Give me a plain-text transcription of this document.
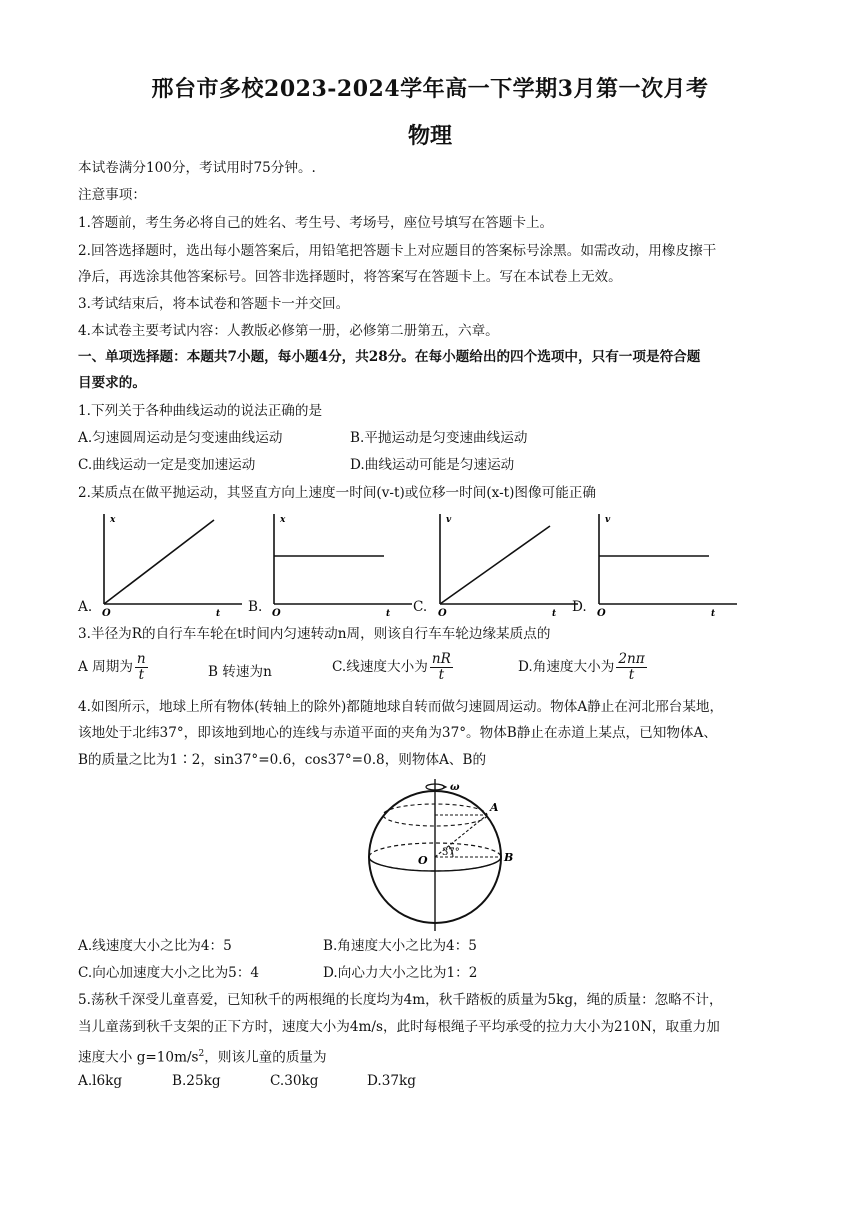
邢台市多校2023-2024学年高一下学期3月第一次月考
物理
本试卷满分100分，考试用时75分钟。.
注意事项：
1.答题前，考生务必将自己的姓名、考生号、考场号，座位号填写在答题卡上。
2.回答选择题时，选出每小题答案后，用铅笔把答题卡上对应题目的答案标号涂黑。如需改动，用橡皮擦干
净后，再选涂其他答案标号。回答非选择题时，将答案写在答题卡上。写在本试卷上无效。
3.考试结束后，将本试卷和答题卡一并交回。
4.本试卷主要考试内容：人教版必修第一册，必修第二册第五，六章。
一、单项选择题：本题共7小题，每小题4分，共28分。在每小题给出的四个选项中，只有一项是符合题
目要求的。
1.下列关于各种曲线运动的说法正确的是
A.匀速圆周运动是匀变速曲线运动	B.平抛运动是匀变速曲线运动
C.曲线运动一定是变加速运动	D.曲线运动可能是匀速运动
2.某质点在做平抛运动，其竖直方向上速度一时间(v-t)或位移一时间(x-t)图像可能正确
A.
x
O	t B.
x
O	t C.
v
O	t D.
v
O	t
3.半径为R的自行车车轮在t时间内匀速转动n周，则该自行车车轮边缘某质点的
A 周期为 $\frac{n}{t}$	B 转速为n	C.线速度大小为 $\frac{nR}{t}$	D.角速度大小为 $\frac{2n\pi}{t}$
4.如图所示，地球上所有物体(转轴上的除外)都随地球自转而做匀速圆周运动。物体A静止在河北邢台某地，
该地处于北纬37°，即该地到地心的连线与赤道平面的夹角为37°。物体B静止在赤道上某点，已知物体A、
B的质量之比为1∶2，sin37°=0.6，cos37°=0.8，则物体A、B的
ω
A
B
O
37°
A.线速度大小之比为4：5	B.角速度大小之比为4：5
C.向心加速度大小之比为5：4	D.向心力大小之比为1：2
5.荡秋千深受儿童喜爱，已知秋千的两根绳的长度均为4m，秋千踏板的质量为5kg，绳的质量：忽略不计，
当儿童荡到秋千支架的正下方时，速度大小为4m/s，此时每根绳子平均承受的拉力大小为210N，取重力加
速度大小 $g=10m/s^2$，则该儿童的质量为
A.l6kg	B.25kg	C.30kg	D.37kg
